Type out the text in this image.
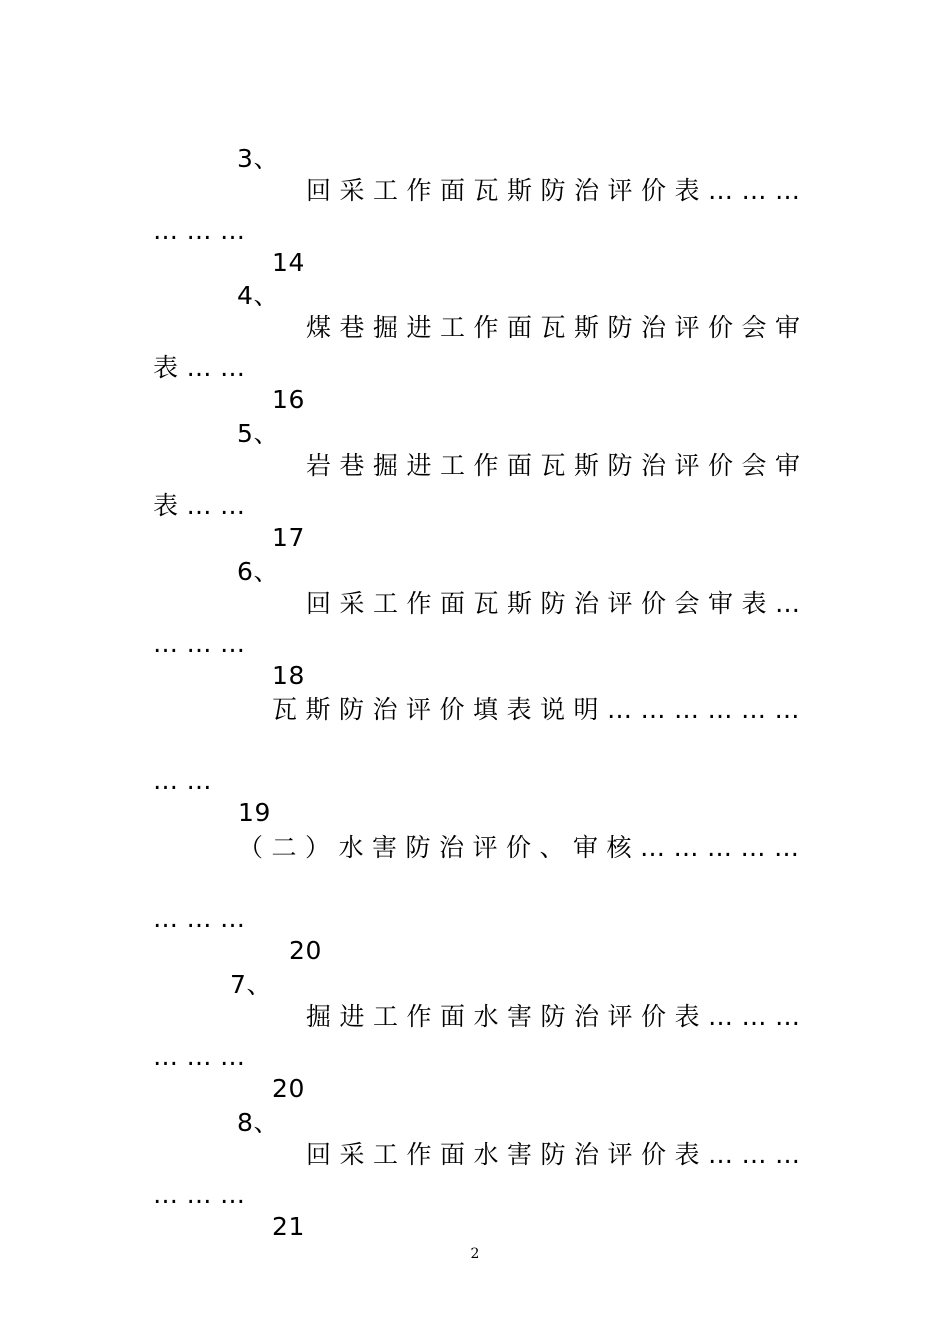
3、

回采工作面瓦斯防治评价表………

………

14

4、

煤巷掘进工作面瓦斯防治评价会审

表……

16

5、

岩巷掘进工作面瓦斯防治评价会审

表……

17

6、

回采工作面瓦斯防治评价会审表…

………

18

瓦斯防治评价填表说明………………

……

19

（二）水害防治评价、审核……………

………

20

7、

掘进工作面水害防治评价表………

………

20

8、

回采工作面水害防治评价表………

………

21

2
